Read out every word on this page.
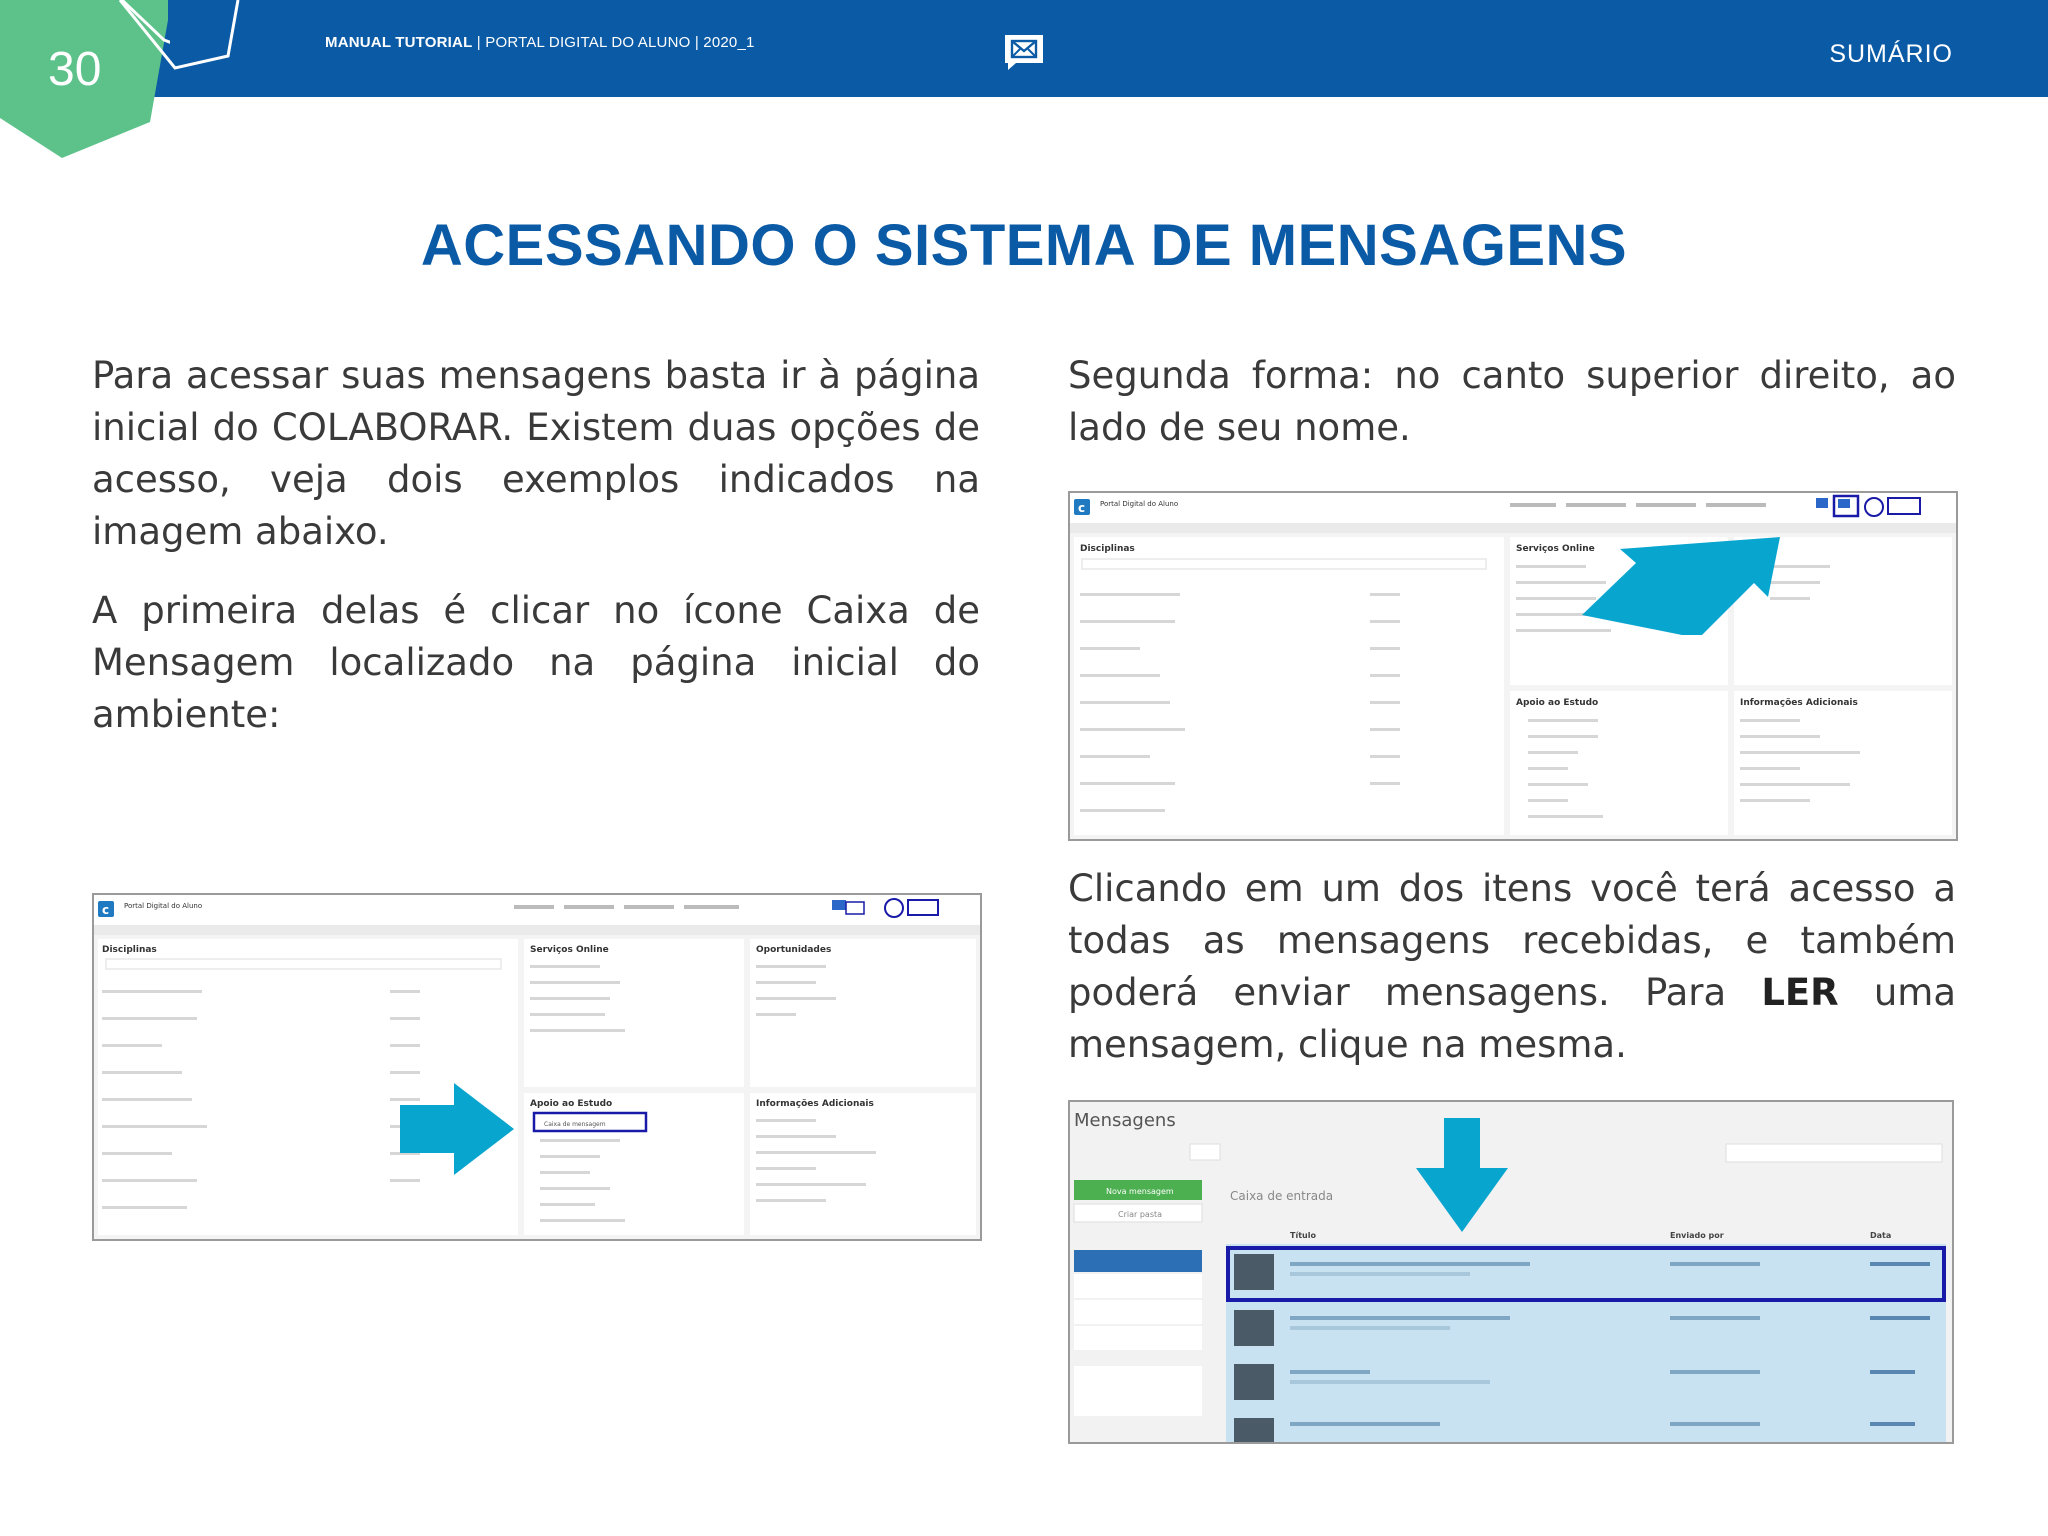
30
MANUAL TUTORIAL | PORTAL DIGITAL DO ALUNO | 2020_1	SUMÁRIO
ACESSANDO O SISTEMA DE MENSAGENS

Para acessar suas mensagens basta ir à página inicial do COLABORAR. Existem duas opções de acesso, veja dois exemplos indicados na imagem abaixo.

A primeira delas é clicar no ícone Caixa de Mensagem localizado na página inicial do ambiente:

Segunda forma: no canto superior direito, ao lado de seu nome.

Clicando em um dos itens você terá acesso a todas as mensagens recebidas, e também poderá enviar mensagens. Para LER uma mensagem, clique na mesma.

c Portal Digital do Aluno
Disciplinas	Serviços Online	Oportunidades
Apoio ao Estudo
Caixa de mensagem
Informações Adicionais
c Portal Digital do Aluno
Disciplinas	Serviços Online
Apoio ao Estudo	Informações Adicionais
Mensagens
Nova mensagem
Criar pasta
Caixa de entrada
Título	Enviado por	Data
